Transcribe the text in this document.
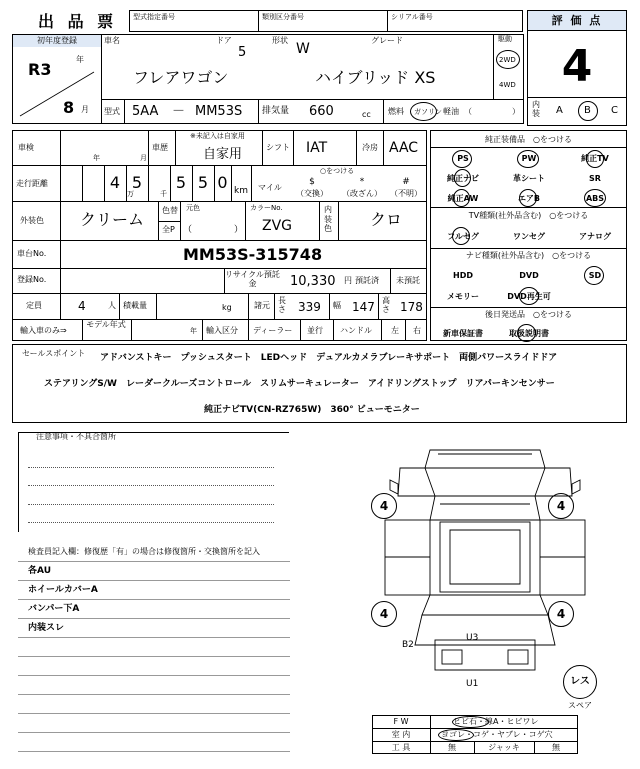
出 品 票 型式指定番号	類別区分番号	シリアル番号	評 価 点
4
内
装 A B C
初年度登録
R3
年
8 月
車名	ドア
5
形状
W
グレード
フレアワゴン	ハイブリッド XS
駆動
2WD
4WD
型式 5AA － MM53S 排気量 660	cc 燃料 ガソリン 軽油 （	）
車検
年	月
車歴
※未記入は自家用
自家用	シフト IAT	冷房 AAC
走行距離	4 5	5 5 0
万	千	km
○をつける
マイル
$
（交換）
*
（改ざん）
#
（不明）
外装色 クリーム 色替
全P
元色
（	）
カラーNo.
ZVG
内装色 クロ
車台No.	MM53S-315748
登録No.
リサイクル預託金	10,330 円 預託済 未預託
定員	4	人 積載量	kg	諸元
長さ 339 幅 147 高さ 178
輸入車のみ⇒
モデル年式
年 輸入区分 ディーラー 並行 ハンドル 左 右
純正装備品　○をつける
PS	PW	純正TV
純正ナビ	革シート	SR
純正AW	エアB	ABS
TV種類(社外品含む)　○をつける
フルセグ	ワンセグ	アナログ
ナビ種類(社外品含む)　○をつける
HDD	DVD	SD
メモリー	DVD再生可
後日発送品　○をつける
新車保証書	取扱説明書
セールスポイント アドバンストキー　プッシュスタート　LEDヘッド　デュアルカメラブレーキサポート　両側パワースライドドア
ステアリングS/W　レーダークルーズコントロール　スリムサーキュレーター　アイドリングストップ　リアパーキンセンサー
純正ナビTV(CN-RZ765W)　360° ビューモニター
注意事項・不具合箇所
検査員記入欄：修復歴「有」の場合は修復箇所・交換箇所を記入
各AU
ホイールカバーA
バンパー下A
内装スレ
4	4
4	4
B2
U3
U1	レス
スペア
F W	ヒビ石・線A・ヒビワレ
室 内	ヨゴレ・コゲ・ヤブレ・コゲ穴
工 具	無	ジャッキ	無
